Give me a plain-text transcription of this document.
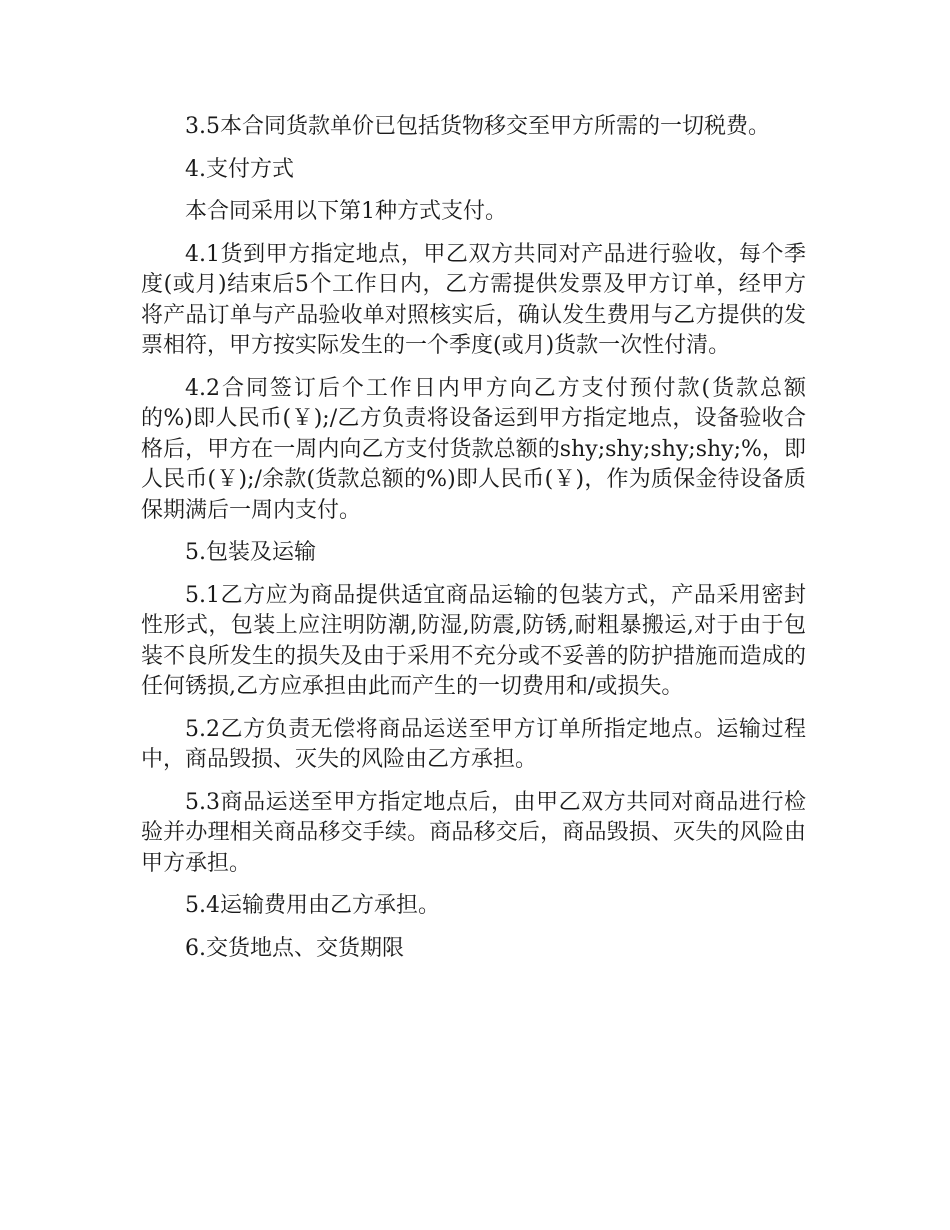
3.5本合同货款单价已包括货物移交至甲方所需的一切税费。

4.支付方式

本合同采用以下第1种方式支付。

4.1货到甲方指定地点，甲乙双方共同对产品进行验收，每个季度(或月)结束后5个工作日内，乙方需提供发票及甲方订单，经甲方将产品订单与产品验收单对照核实后，确认发生费用与乙方提供的发票相符，甲方按实际发生的一个季度(或月)货款一次性付清。

4.2合同签订后个工作日内甲方向乙方支付预付款(货款总额的%)即人民币(￥);/乙方负责将设备运到甲方指定地点，设备验收合格后，甲方在一周内向乙方支付货款总额的shy;shy;shy;shy;%，即人民币(￥);/余款(货款总额的%)即人民币(￥)，作为质保金待设备质保期满后一周内支付。

5.包装及运输

5.1乙方应为商品提供适宜商品运输的包装方式，产品采用密封性形式，包装上应注明防潮,防湿,防震,防锈,耐粗暴搬运,对于由于包装不良所发生的损失及由于采用不充分或不妥善的防护措施而造成的任何锈损,乙方应承担由此而产生的一切费用和/或损失。

5.2乙方负责无偿将商品运送至甲方订单所指定地点。运输过程中，商品毁损、灭失的风险由乙方承担。

5.3商品运送至甲方指定地点后，由甲乙双方共同对商品进行检验并办理相关商品移交手续。商品移交后，商品毁损、灭失的风险由甲方承担。

5.4运输费用由乙方承担。

6.交货地点、交货期限
